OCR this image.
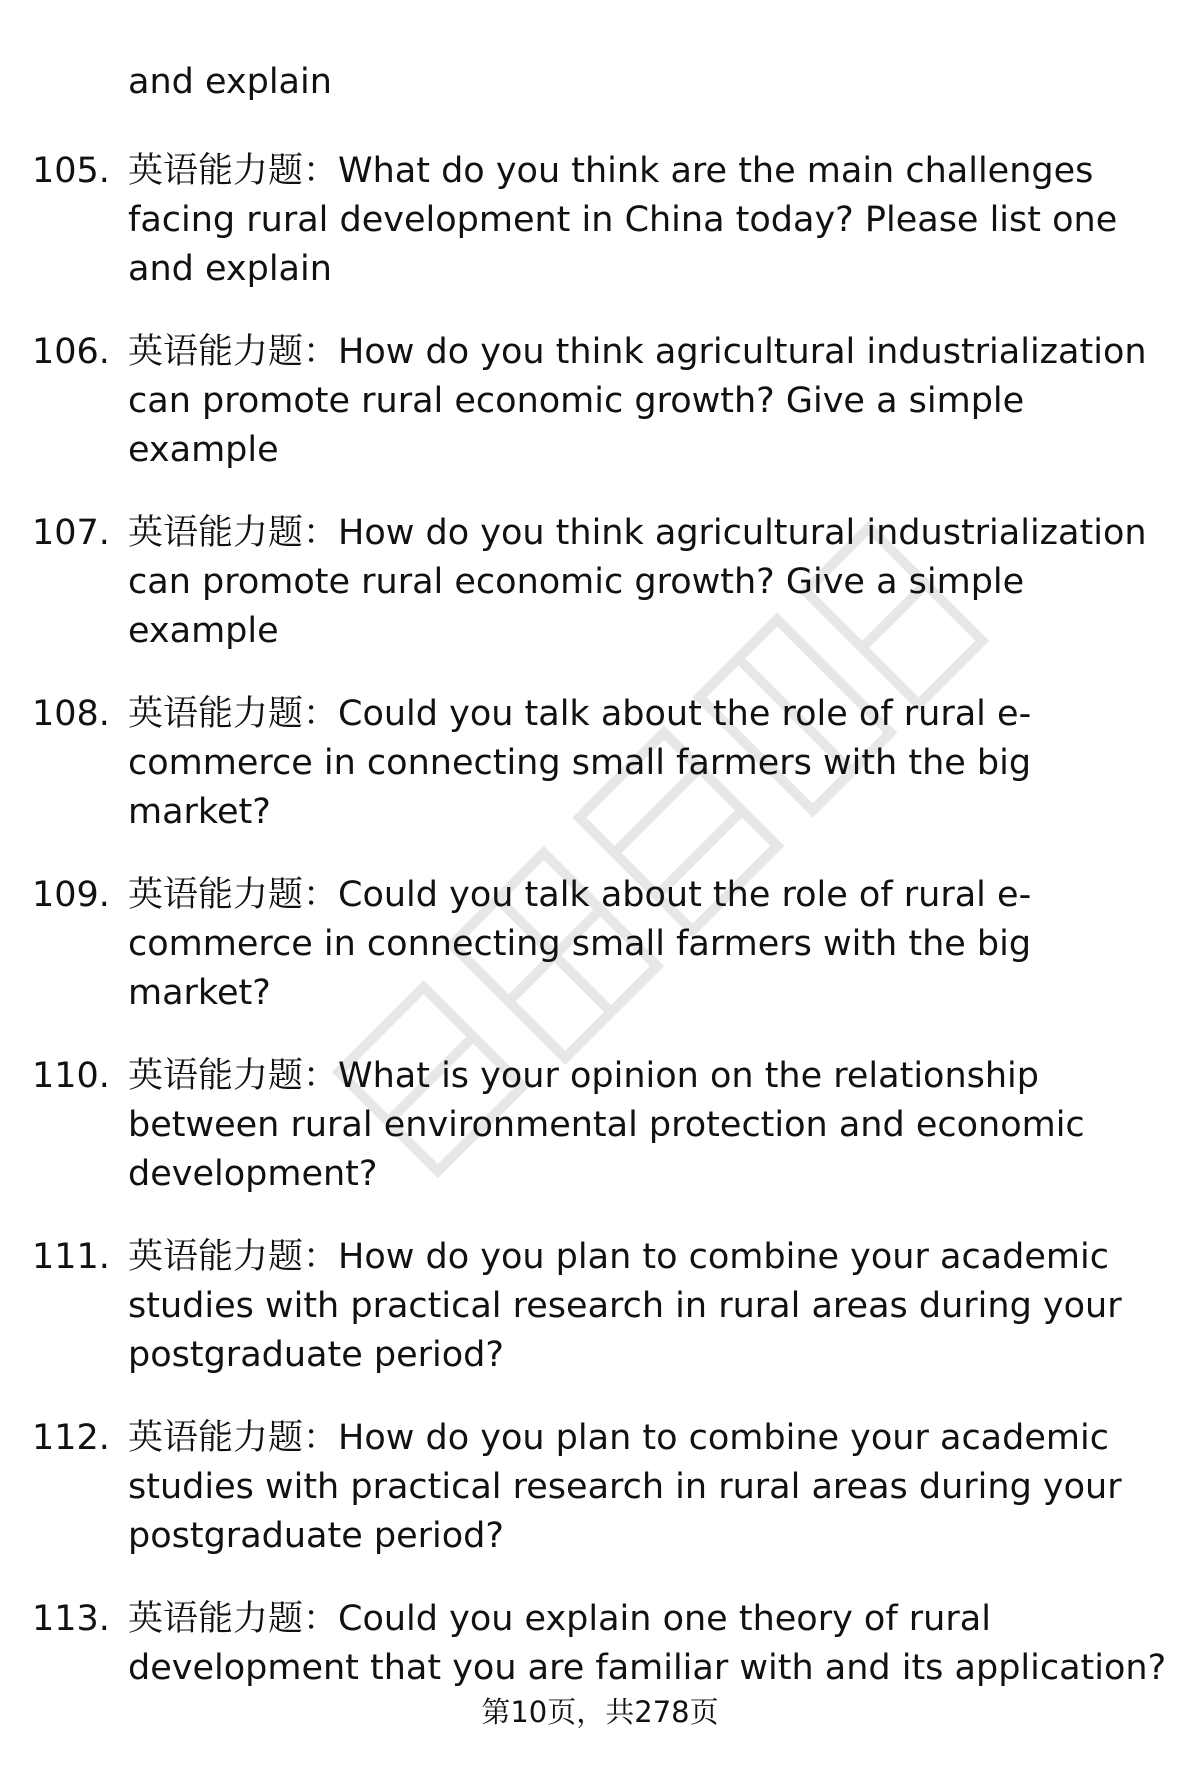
and explain
105. 英语能力题：What do you think are the main challenges
facing rural development in China today? Please list one
and explain
106. 英语能力题：How do you think agricultural industrialization
can promote rural economic growth? Give a simple
example
107. 英语能力题：How do you think agricultural industrialization
can promote rural economic growth? Give a simple
example
108. 英语能力题：Could you talk about the role of rural e-
commerce in connecting small farmers with the big
market?
109. 英语能力题：Could you talk about the role of rural e-
commerce in connecting small farmers with the big
market?
110. 英语能力题：What is your opinion on the relationship
between rural environmental protection and economic
development?
111. 英语能力题：How do you plan to combine your academic
studies with practical research in rural areas during your
postgraduate period?
112. 英语能力题：How do you plan to combine your academic
studies with practical research in rural areas during your
postgraduate period?
113. 英语能力题：Could you explain one theory of rural
development that you are familiar with and its application?
第10页，共278页
